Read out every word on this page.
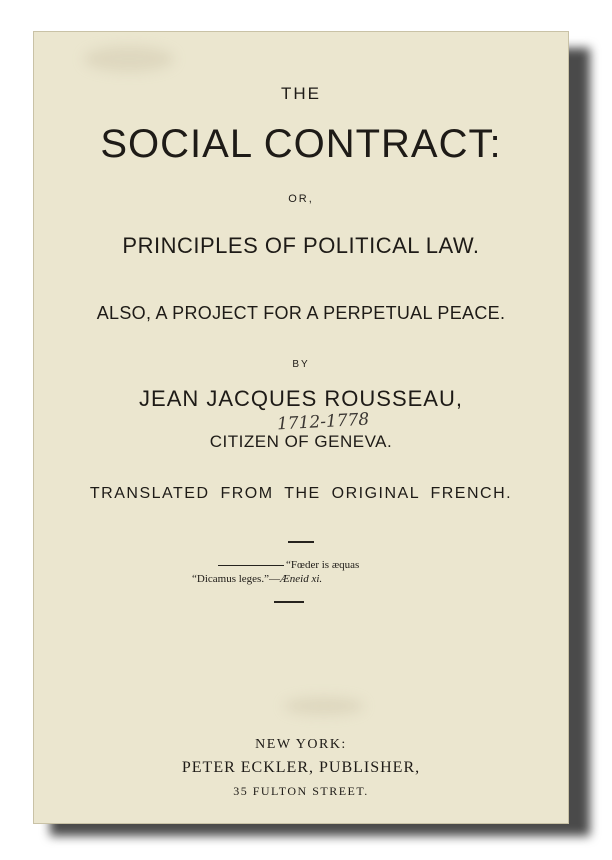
THE
SOCIAL CONTRACT:
OR,
PRINCIPLES OF POLITICAL LAW.
ALSO, A PROJECT FOR A PERPETUAL PEACE.
BY
JEAN JACQUES ROUSSEAU,
1712-1778
CITIZEN OF GENEVA.
TRANSLATED FROM THE ORIGINAL FRENCH.
“Fœder is æquas
“Dicamus leges.”—Æneid xi.
NEW YORK:
PETER ECKLER, PUBLISHER,
35 FULTON STREET.
